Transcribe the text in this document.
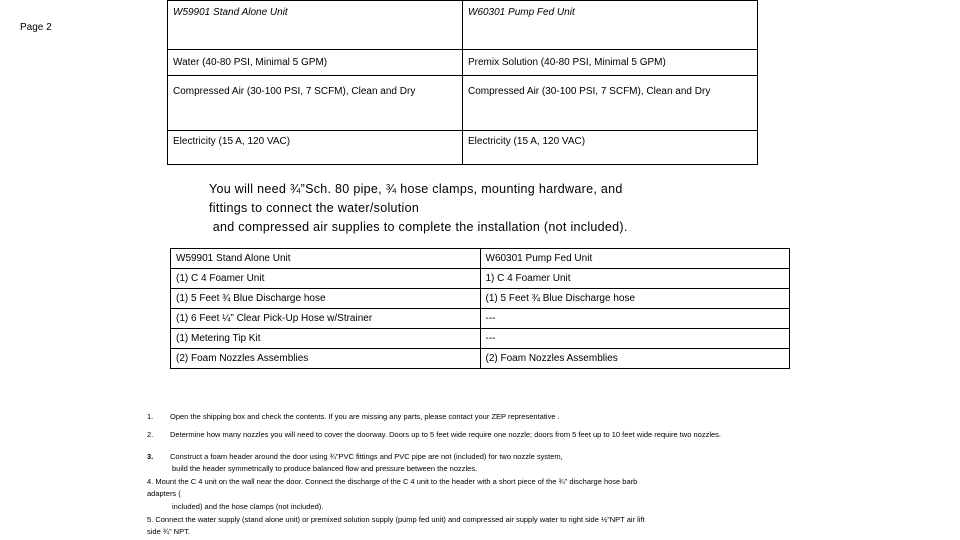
Page 2
W59901 Stand Alone Unit	W60301 Pump Fed Unit
Water (40-80 PSI, Minimal 5 GPM)	Premix Solution (40-80 PSI, Minimal 5 GPM)
Compressed Air (30-100 PSI, 7 SCFM), Clean and Dry	Compressed Air (30-100 PSI, 7 SCFM), Clean and Dry
Electricity (15 A, 120 VAC)	Electricity (15 A, 120 VAC)
You will need ¾”Sch. 80 pipe, ¾ hose clamps, mounting hardware, and
fittings to connect the water/solution
and compressed air supplies to complete the installation (not included).
W59901 Stand Alone Unit	W60301 Pump Fed Unit
(1) C 4 Foamer Unit	1) C 4 Foamer Unit
(1) 5 Feet ¾ Blue Discharge hose	(1) 5 Feet ¾ Blue Discharge hose
(1) 6 Feet ¼” Clear Pick-Up Hose w/Strainer	---
(1) Metering Tip Kit	---
(2) Foam Nozzles Assemblies	(2) Foam Nozzles Assemblies
1. Open the shipping box and check the contents. If you are missing any parts, please contact your ZEP representative .
2. Determine how many nozzles you will need to cover the doorway. Doors up to 5 feet wide require one nozzle; doors from 5 feet up to 10 feet wide require two nozzles.
3. Construct a foam header around the door using ¾”PVC fittings and PVC pipe are not (included) for two nozzle system,
build the header symmetrically to produce balanced flow and pressure between the nozzles.
4. Mount the C 4 unit on the wall near the door. Connect the discharge of the C 4 unit to the header with a short piece of the ¾” discharge hose barb
adapters (
included) and the hose clamps (not included).
5. Connect the water supply (stand alone unit) or premixed solution supply (pump fed unit) and compressed air supply water to right side ½”NPT air lift
side ¾” NPT.
